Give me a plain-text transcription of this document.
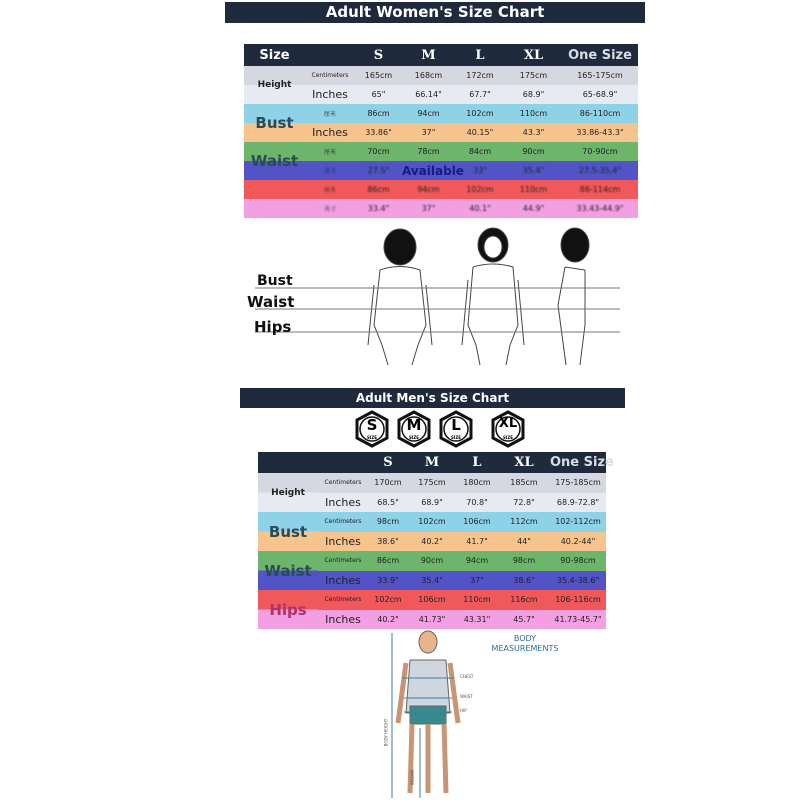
Adult Women's Size Chart
Size		S	M	L	XL	One Size
Height	Centimeters	165cm	168cm	172cm	175cm	165-175cm
	Inches	65"	66.14"	67.7"	68.9"	65-68.9"
Bust	厘米	86cm	94cm	102cm	110cm	86-110cm
	Inches	33.86"	37"	40.15"	43.3"	33.86-43.3"
Waist	厘米	70cm	78cm	84cm	90cm	70-90cm
	英寸	27.5"	Available	33"	35.4"	27.5-35.4"
	厘米	86cm	94cm	102cm	110cm	86-114cm
	英寸	33.4"	37"	40.1"	44.9"	33.43-44.9"
Bust
Waist
Hips
Adult Men's Size Chart
S
SIZE
M
SIZE
L
SIZE
XL
SIZE
		S	M	L	XL	One Size
Height	Centimeters	170cm	175cm	180cm	185cm	175-185cm
	Inches	68.5"	68.9"	70.8"	72.8"	68.9-72.8"
Bust	Centimeters	98cm	102cm	106cm	112cm	102-112cm
	Inches	38.6"	40.2"	41.7"	44"	40.2-44"
Waist	Centimeters	86cm	90cm	94cm	98cm	90-98cm
	Inches	33.9"	35.4"	37"	38.6"	35.4-38.6"
Hips	Centimeters	102cm	106cm	110cm	116cm	106-116cm
	Inches	40.2"	41.73"	43.31"	45.7"	41.73-45.7"
BODY MEASUREMENTS
CHEST
WAIST
HIP
BODY HEIGHT
INSEAM
